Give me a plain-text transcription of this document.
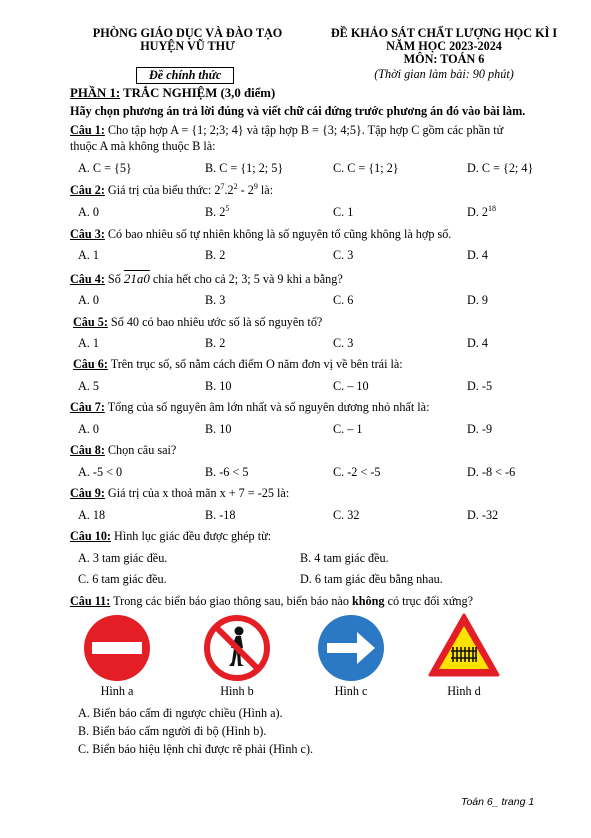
PHÒNG GIÁO DỤC VÀ ĐÀO TẠO
HUYỆN VŨ THƯ
ĐỀ KHẢO SÁT CHẤT LƯỢNG HỌC KÌ I
NĂM HỌC 2023-2024
MÔN: TOÁN 6
Đề chính thức	(Thời gian làm bài: 90 phút)
PHẦN 1: TRẮC NGHIỆM (3,0 điểm)
Hãy chọn phương án trả lời đúng và viết chữ cái đứng trước phương án đó vào bài làm.
Câu 1: Cho tập hợp A = {1; 2;3; 4} và tập hợp B = {3; 4;5}. Tập hợp C gồm các phần tử
thuộc A mà không thuộc B là:
A. C = {5}	B. C = {1; 2; 5}	C. C = {1; 2}	D. C = {2; 4}
Câu 2: Giá trị của biểu thức: $2^7.2^2 - 2^9$ là:
A. 0	B. $2^5$	C. 1	D. $2^{18}$
Câu 3: Có bao nhiêu số tự nhiên không là số nguyên tố cũng không là hợp số.
A. 1	B. 2	C. 3	D. 4
Câu 4: Số 21a0 chia hết cho cả 2; 3; 5 và 9 khi a bằng?
A. 0	B. 3	C. 6	D. 9
Câu 5: Số 40 có bao nhiêu ước số là số nguyên tố?
A. 1	B. 2	C. 3	D. 4
Câu 6: Trên trục số, số nằm cách điểm O năm đơn vị về bên trái là:
A. 5	B. 10	C. – 10	D. -5
Câu 7: Tổng của số nguyên âm lớn nhất và số nguyên dương nhỏ nhất là:
A. 0	B. 10	C. – 1	D. -9
Câu 8: Chọn câu sai?
A. -5 < 0	B. -6 < 5	C. -2 < -5	D. -8 < -6
Câu 9: Giá trị của x thoả mãn x + 7 = -25 là:
A. 18	B. -18	C. 32	D. -32
Câu 10: Hình lục giác đều được ghép từ:
A. 3 tam giác đều.	B. 4 tam giác đều.
C. 6 tam giác đều.	D. 6 tam giác đều bằng nhau.
Câu 11: Trong các biển báo giao thông sau, biển báo nào không có trục đối xứng?
Hình a	Hình b	Hình c	Hình d
A. Biển báo cấm đi ngược chiều (Hình a).
B. Biển báo cấm người đi bộ (Hình b).
C. Biển báo hiệu lệnh chỉ được rẽ phải (Hình c).
Toán 6_ trang 1
